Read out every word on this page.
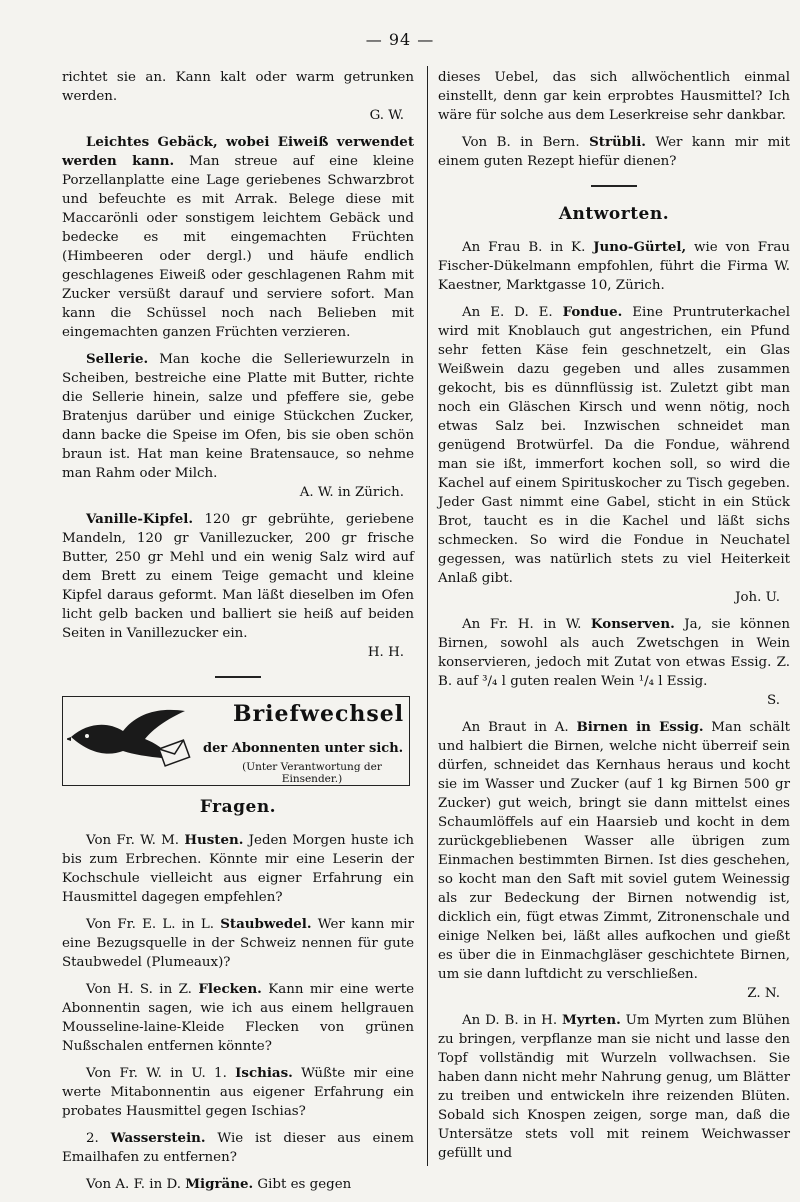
— 94 —

richtet sie an. Kann kalt oder warm getrunken werden.
G. W.

Leichtes Gebäck, wobei Eiweiß verwendet werden kann. Man streue auf eine kleine Porzellanplatte eine Lage geriebenes Schwarzbrot und befeuchte es mit Arrak. Belege diese mit Maccarönli oder sonstigem leichtem Gebäck und bedecke es mit eingemachten Früchten (Himbeeren oder dergl.) und häufe endlich geschlagenes Eiweiß oder geschlagenen Rahm mit Zucker versüßt darauf und serviere sofort. Man kann die Schüssel noch nach Belieben mit eingemachten ganzen Früchten verzieren.

Sellerie. Man koche die Selleriewurzeln in Scheiben, bestreiche eine Platte mit Butter, richte die Sellerie hinein, salze und pfeffere sie, gebe Bratenjus darüber und einige Stückchen Zucker, dann backe die Speise im Ofen, bis sie oben schön braun ist. Hat man keine Bratensauce, so nehme man Rahm oder Milch.
A. W. in Zürich.

Vanille-Kipfel. 120 gr gebrühte, geriebene Mandeln, 120 gr Vanillezucker, 200 gr frische Butter, 250 gr Mehl und ein wenig Salz wird auf dem Brett zu einem Teige gemacht und kleine Kipfel daraus geformt. Man läßt dieselben im Ofen licht gelb backen und balliert sie heiß auf beiden Seiten in Vanillezucker ein.
H. H.

Briefwechsel
der Abonnenten unter sich.
(Unter Verantwortung der Einsender.)
Fragen.

Von Fr. W. M. Husten. Jeden Morgen huste ich bis zum Erbrechen. Könnte mir eine Leserin der Kochschule vielleicht aus eigner Erfahrung ein Hausmittel dagegen empfehlen?

Von Fr. E. L. in L. Staubwedel. Wer kann mir eine Bezugsquelle in der Schweiz nennen für gute Staubwedel (Plumeaux)?

Von H. S. in Z. Flecken. Kann mir eine werte Abonnentin sagen, wie ich aus einem hellgrauen Mousseline-laine-Kleide Flecken von grünen Nußschalen entfernen könnte?

Von Fr. W. in U. 1. Ischias. Wüßte mir eine werte Mitabonnentin aus eigener Erfahrung ein probates Hausmittel gegen Ischias?

2. Wasserstein. Wie ist dieser aus einem Emailhafen zu entfernen?

Von A. F. in D. Migräne. Gibt es gegen

dieses Uebel, das sich allwöchentlich einmal einstellt, denn gar kein erprobtes Hausmittel? Ich wäre für solche aus dem Leserkreise sehr dankbar.

Von B. in Bern. Strübli. Wer kann mir mit einem guten Rezept hiefür dienen?

Antworten.

An Frau B. in K. Juno-Gürtel, wie von Frau Fischer-Dükelmann empfohlen, führt die Firma W. Kaestner, Marktgasse 10, Zürich.

An E. D. E. Fondue. Eine Pruntruterkachel wird mit Knoblauch gut angestrichen, ein Pfund sehr fetten Käse fein geschnetzelt, ein Glas Weißwein dazu gegeben und alles zusammen gekocht, bis es dünnflüssig ist. Zuletzt gibt man noch ein Gläschen Kirsch und wenn nötig, noch etwas Salz bei. Inzwischen schneidet man genügend Brotwürfel. Da die Fondue, während man sie ißt, immerfort kochen soll, so wird die Kachel auf einem Spirituskocher zu Tisch gegeben. Jeder Gast nimmt eine Gabel, sticht in ein Stück Brot, taucht es in die Kachel und läßt sichs schmecken. So wird die Fondue in Neuchatel gegessen, was natürlich stets zu viel Heiterkeit Anlaß gibt.
Joh. U.

An Fr. H. in W. Konserven. Ja, sie können Birnen, sowohl als auch Zwetschgen in Wein konservieren, jedoch mit Zutat von etwas Essig. Z. B. auf ³/₄ l guten realen Wein ¹/₄ l Essig.
S.

An Braut in A. Birnen in Essig. Man schält und halbiert die Birnen, welche nicht überreif sein dürfen, schneidet das Kernhaus heraus und kocht sie im Wasser und Zucker (auf 1 kg Birnen 500 gr Zucker) gut weich, bringt sie dann mittelst eines Schaumlöffels auf ein Haarsieb und kocht in dem zurückgebliebenen Wasser alle übrigen zum Einmachen bestimmten Birnen. Ist dies geschehen, so kocht man den Saft mit soviel gutem Weinessig als zur Bedeckung der Birnen notwendig ist, dicklich ein, fügt etwas Zimmt, Zitronenschale und einige Nelken bei, läßt alles aufkochen und gießt es über die in Einmachgläser geschichtete Birnen, um sie dann luftdicht zu verschließen.
Z. N.

An D. B. in H. Myrten. Um Myrten zum Blühen zu bringen, verpflanze man sie nicht und lasse den Topf vollständig mit Wurzeln vollwachsen. Sie haben dann nicht mehr Nahrung genug, um Blätter zu treiben und entwickeln ihre reizenden Blüten. Sobald sich Knospen zeigen, sorge man, daß die Untersätze stets voll mit reinem Weichwasser gefüllt und
